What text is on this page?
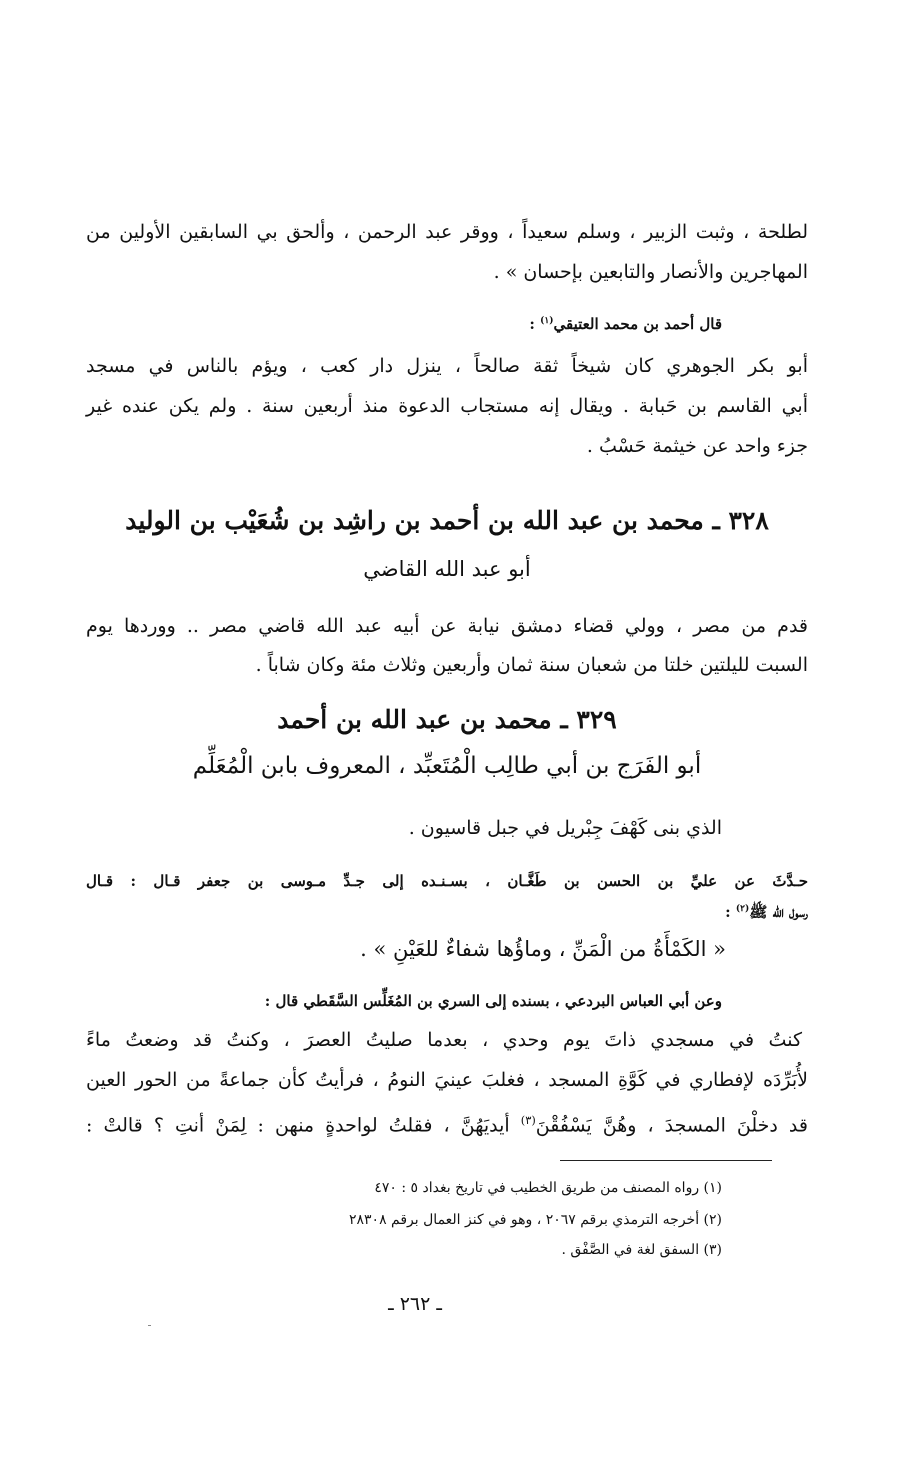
لطلحة ، وثبت الزبير ، وسلم سعيداً ، ووقر عبد الرحمن ، وألحق بي السابقين الأولين من
المهاجرين والأنصار والتابعين بإحسان » .
قال أحمد بن محمد العتيقي$^{(١)}$ :
أبو بكر الجوهري كان شيخاً ثقة صالحاً ، ينزل دار كعب ، ويؤم بالناس في مسجد
أبي القاسم بن حَبابة . ويقال إنه مستجاب الدعوة منذ أربعين سنة . ولم يكن عنده غير
جزء واحد عن خيثمة حَسْبُ .
٣٢٨ ـ محمد بن عبد الله بن أحمد بن راشِد بن شُعَيْب بن الوليد
أبو عبد الله القاضي
قدم من مصر ، وولي قضاء دمشق نيابة عن أبيه عبد الله قاضي مصر .. ووردها يوم
السبت لليلتين خلتا من شعبان سنة ثمان وأربعين وثلاث مئة وكان شاباً .
٣٢٩ ـ محمد بن عبد الله بن أحمد
أبو الفَرَج بن أبي طالِب الْمُتَعبِّد ، المعروف بابن الْمُعَلِّم
الذي بنى كَهْفَ جِبْريل في جبل قاسيون .
حـدَّثَ عن عليِّ بن الحسن بن طَغَّـان ، بسـنـده إلى جـدِّ مـوسى بن جعفر قـال : قـال
رسول الله ﷺ$^{(٢)}$ :
« الكَمْأَةُ من الْمَنِّ ، وماؤُها شفاءٌ للعَيْنِ » .
وعن أبي العباس البردعي ، بسنده إلى السري بن المُغَلِّس السَّقَطي قال :
كنتُ في مسجدي ذاتَ يوم وحدي ، بعدما صليتُ العصرَ ، وكنتُ قد وضعتُ ماءً
لأُبَرِّدَه لإفطاري في كَوَّةِ المسجد ، فغلبَ عينيَ النومُ ، فرأيتُ كأن جماعةً من الحور العين
قد دخلْنَ المسجدَ ، وهُنَّ يَسْفُقْنَ$^{(٣)}$ أيديَهُنَّ ، فقلتُ لواحدةٍ منهن : لِمَنْ أنتِ ؟ قالتْ :
(١) رواه المصنف من طريق الخطيب في تاريخ بغداد ٥ : ٤٧٠
(٢) أخرجه الترمذي برقم ٢٠٦٧ ، وهو في كنز العمال برقم ٢٨٣٠٨
(٣) السفق لغة في الصَّفْق .
ـ ٢٦٢ ـ
